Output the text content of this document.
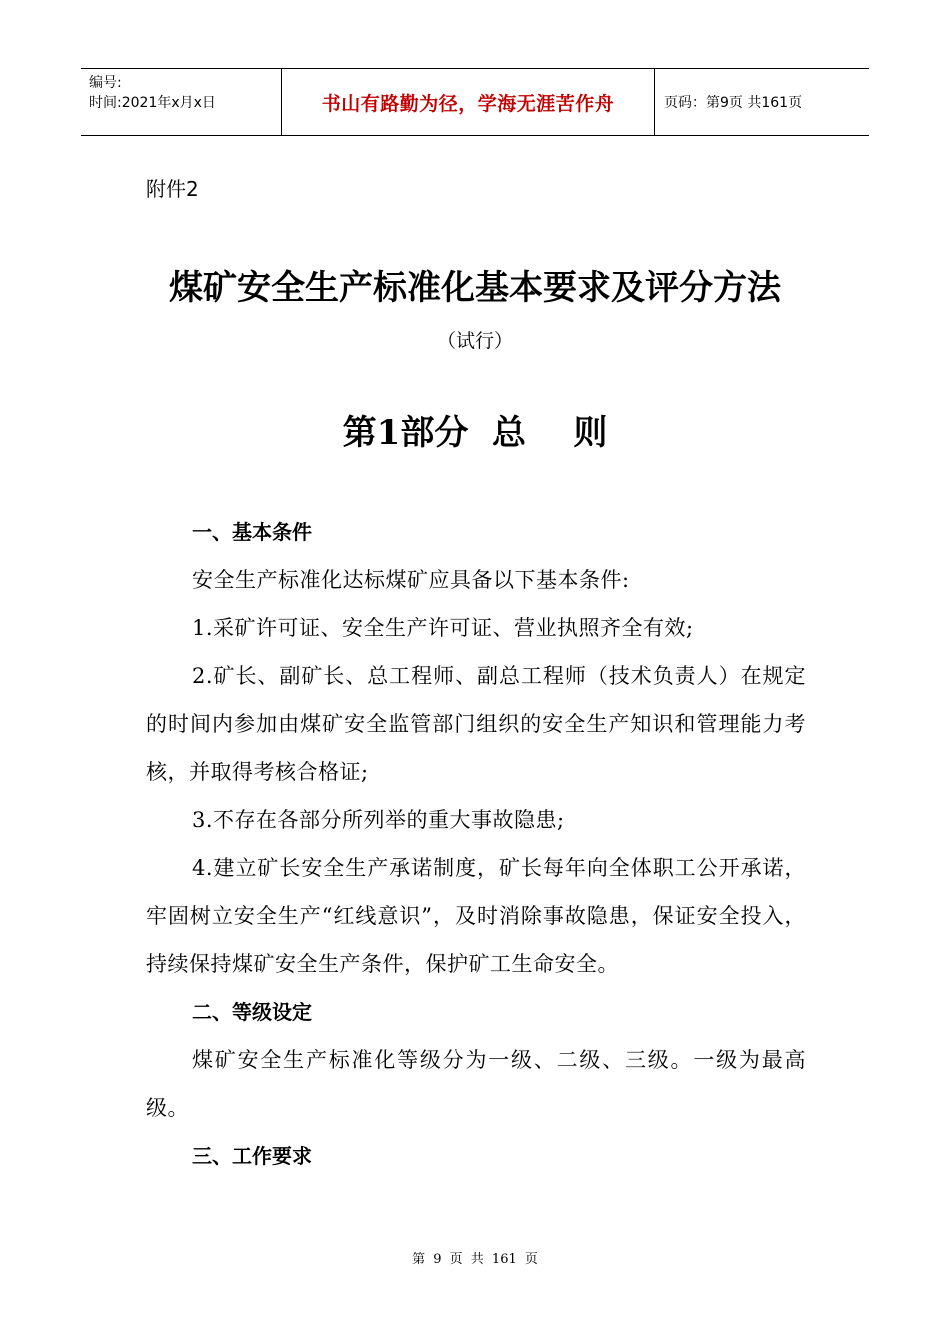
编号:
时间:2021年x月x日	书山有路勤为径，学海无涯苦作舟	页码：第9页 共161页
附件2
煤矿安全生产标准化基本要求及评分方法
（试行）
第1部分  总    则

一、基本条件

安全生产标准化达标煤矿应具备以下基本条件:

1.采矿许可证、安全生产许可证、营业执照齐全有效;

2.矿长、副矿长、总工程师、副总工程师（技术负责人）在规定的时间内参加由煤矿安全监管部门组织的安全生产知识和管理能力考核，并取得考核合格证;

3.不存在各部分所列举的重大事故隐患;

4.建立矿长安全生产承诺制度，矿长每年向全体职工公开承诺，牢固树立安全生产“红线意识”，及时消除事故隐患，保证安全投入，持续保持煤矿安全生产条件，保护矿工生命安全。

二、等级设定

煤矿安全生产标准化等级分为一级、二级、三级。一级为最高级。

三、工作要求

第 9 页 共 161 页
